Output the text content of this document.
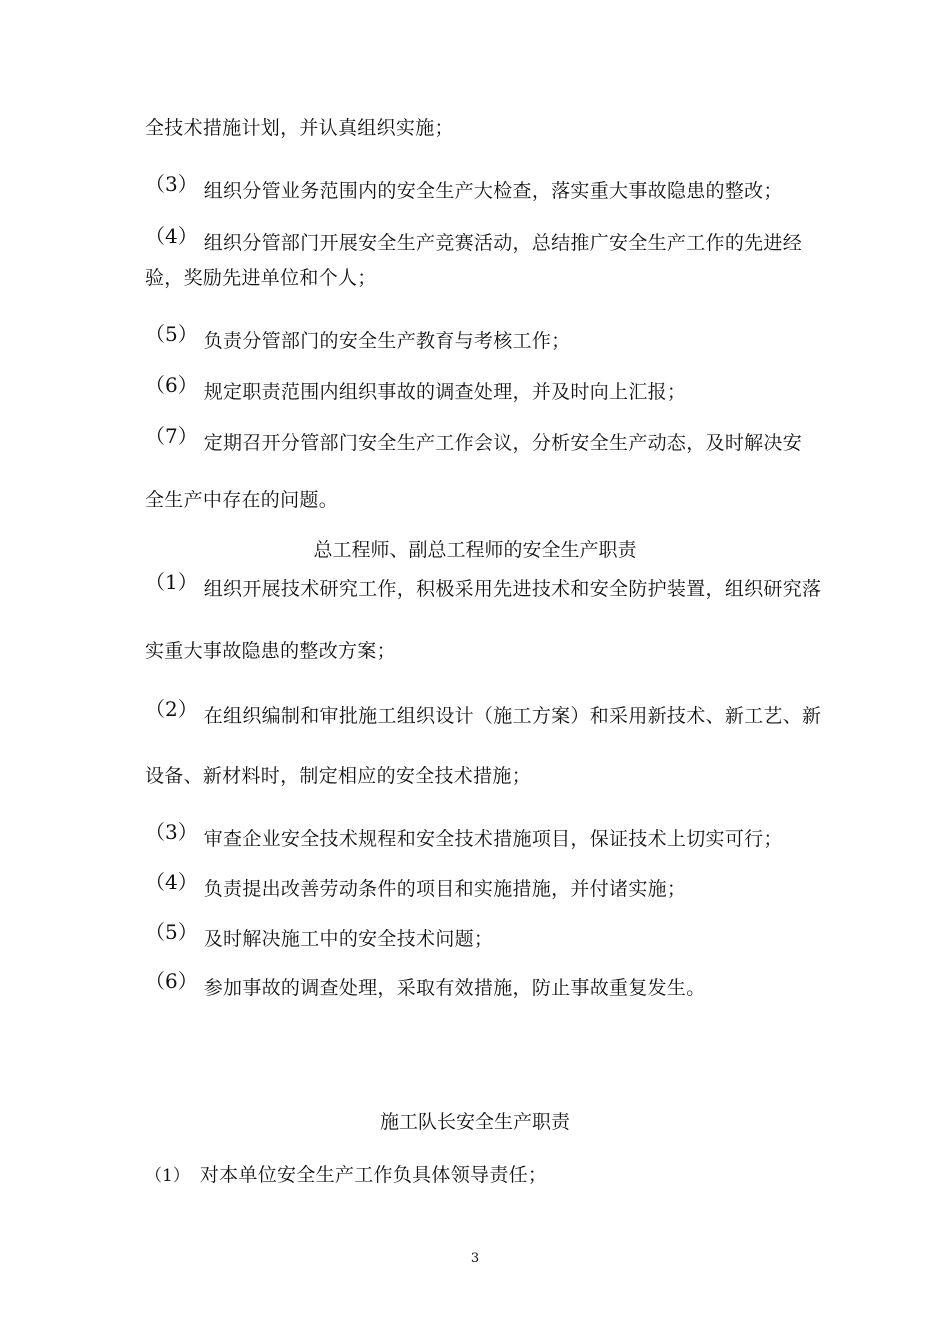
全技术措施计划，并认真组织实施；
（3） 组织分管业务范围内的安全生产大检查，落实重大事故隐患的整改；
（4） 组织分管部门开展安全生产竞赛活动，总结推广安全生产工作的先进经
验，奖励先进单位和个人；
（5） 负责分管部门的安全生产教育与考核工作；
（6） 规定职责范围内组织事故的调查处理，并及时向上汇报；
（7） 定期召开分管部门安全生产工作会议，分析安全生产动态，及时解决安
全生产中存在的问题。
总工程师、副总工程师的安全生产职责
（1） 组织开展技术研究工作，积极采用先进技术和安全防护装置，组织研究落
实重大事故隐患的整改方案；
（2） 在组织编制和审批施工组织设计（施工方案）和采用新技术、新工艺、新
设备、新材料时，制定相应的安全技术措施；
（3） 审查企业安全技术规程和安全技术措施项目，保证技术上切实可行；
（4） 负责提出改善劳动条件的项目和实施措施，并付诸实施；
（5） 及时解决施工中的安全技术问题；
（6） 参加事故的调查处理，采取有效措施，防止事故重复发生。
施工队长安全生产职责
（1） 对本单位安全生产工作负具体领导责任；
3
